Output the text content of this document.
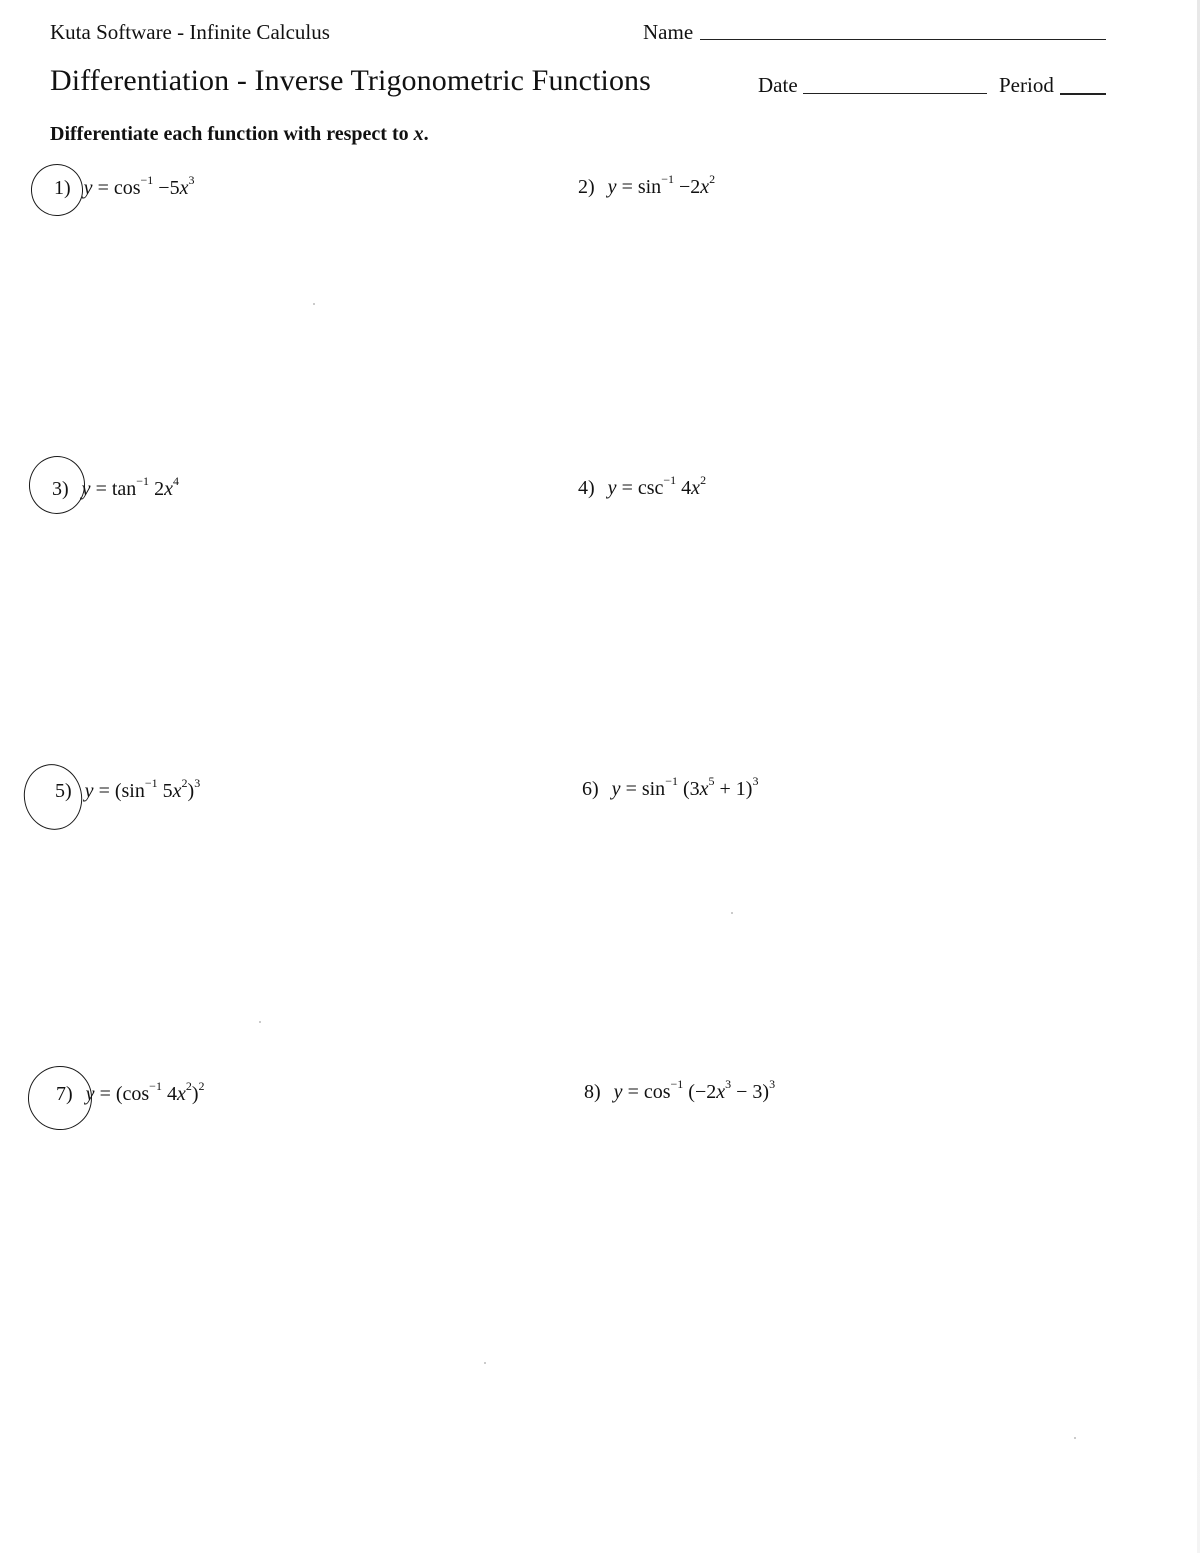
Kuta Software - Infinite Calculus	Name
Differentiation - Inverse Trigonometric Functions	Date	Period
Differentiate each function with respect to x.
1) $y = \cos^{-1} -5x^3$	2) $y = \sin^{-1} -2x^2$
3) $y = \tan^{-1} 2x^4$	4) $y = \csc^{-1} 4x^2$
5) $y = (\sin^{-1}$ $5x^2)^3$	6) $y = \sin^{-1} (3x^5 + 1)^3$
7) $y = (\cos^{-1}$ $4x^2)^2$	8) $y = \cos^{-1} (-2x^3 - 3)^3$
